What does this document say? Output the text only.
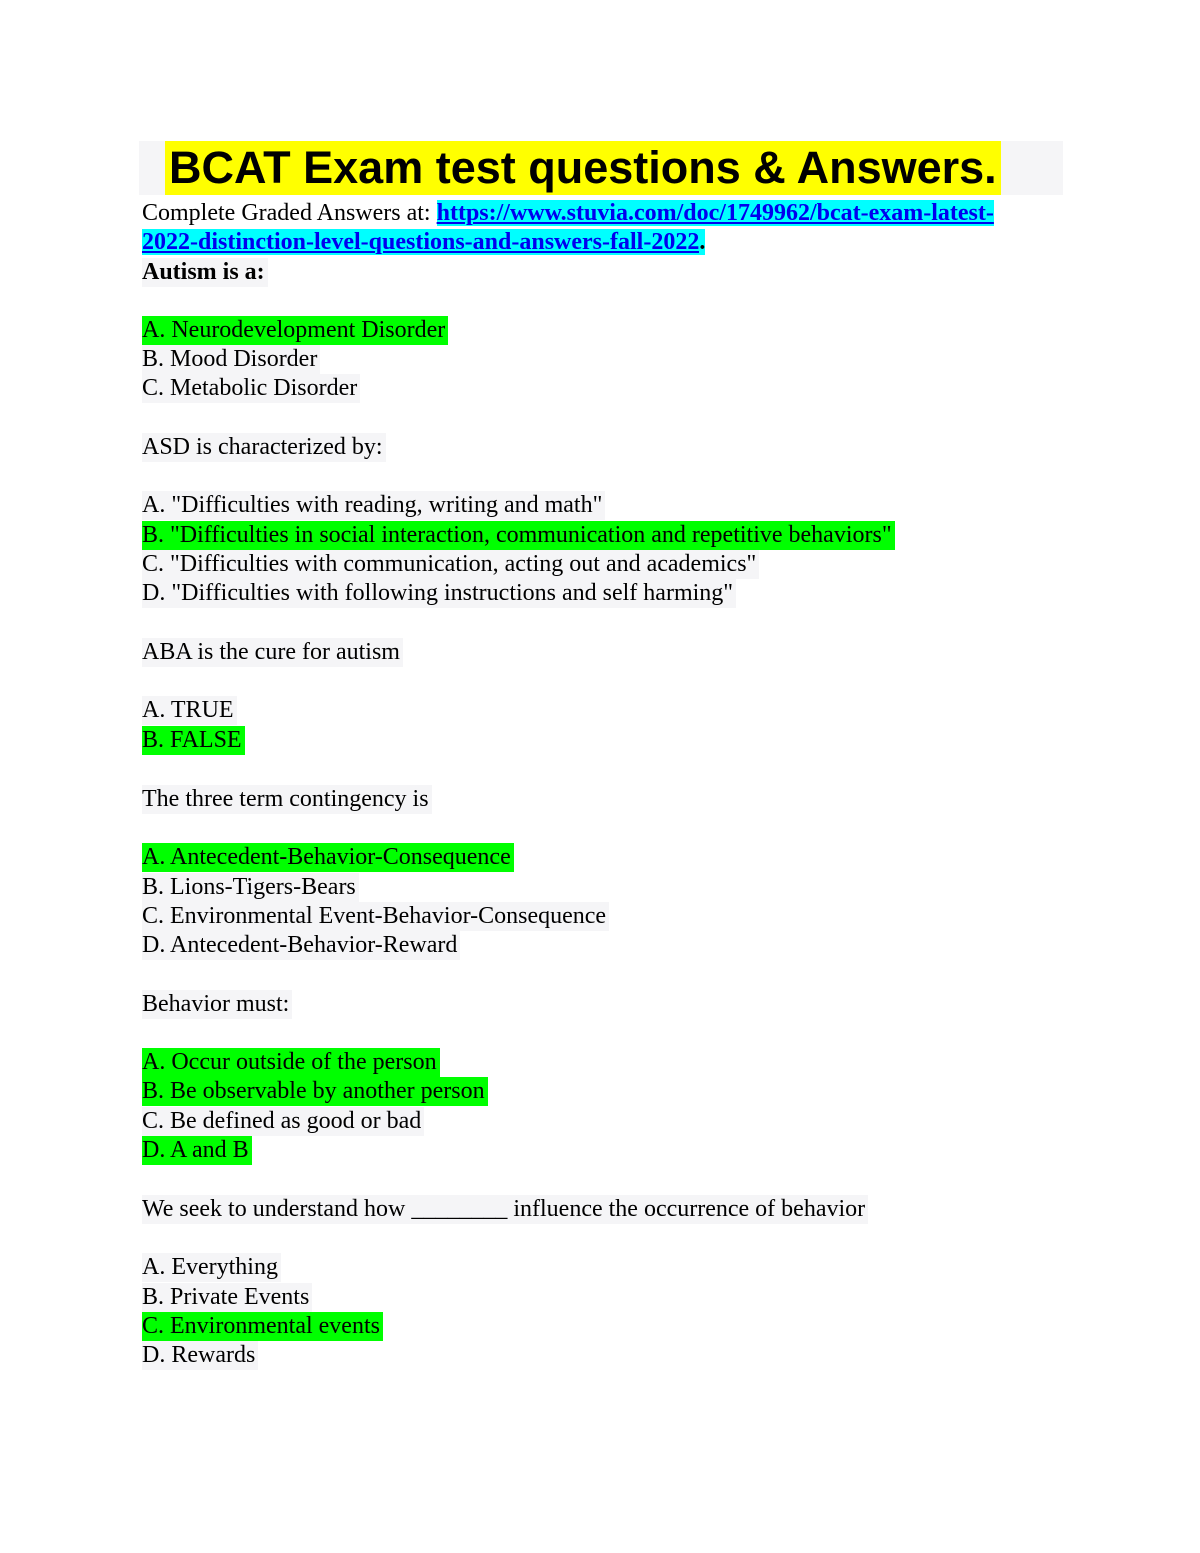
BCAT Exam test questions & Answers.
Complete Graded Answers at: https://www.stuvia.com/doc/1749962/bcat-exam-latest-
2022-distinction-level-questions-and-answers-fall-2022.
Autism is a:
A. Neurodevelopment Disorder
B. Mood Disorder
C. Metabolic Disorder
ASD is characterized by:
A. "Difficulties with reading, writing and math"
B. "Difficulties in social interaction, communication and repetitive behaviors"
C. "Difficulties with communication, acting out and academics"
D. "Difficulties with following instructions and self harming"
ABA is the cure for autism
A. TRUE
B. FALSE
The three term contingency is
A. Antecedent-Behavior-Consequence
B. Lions-Tigers-Bears
C. Environmental Event-Behavior-Consequence
D. Antecedent-Behavior-Reward
Behavior must:
A. Occur outside of the person
B. Be observable by another person
C. Be defined as good or bad
D. A and B
We seek to understand how ________ influence the occurrence of behavior
A. Everything
B. Private Events
C. Environmental events
D. Rewards
